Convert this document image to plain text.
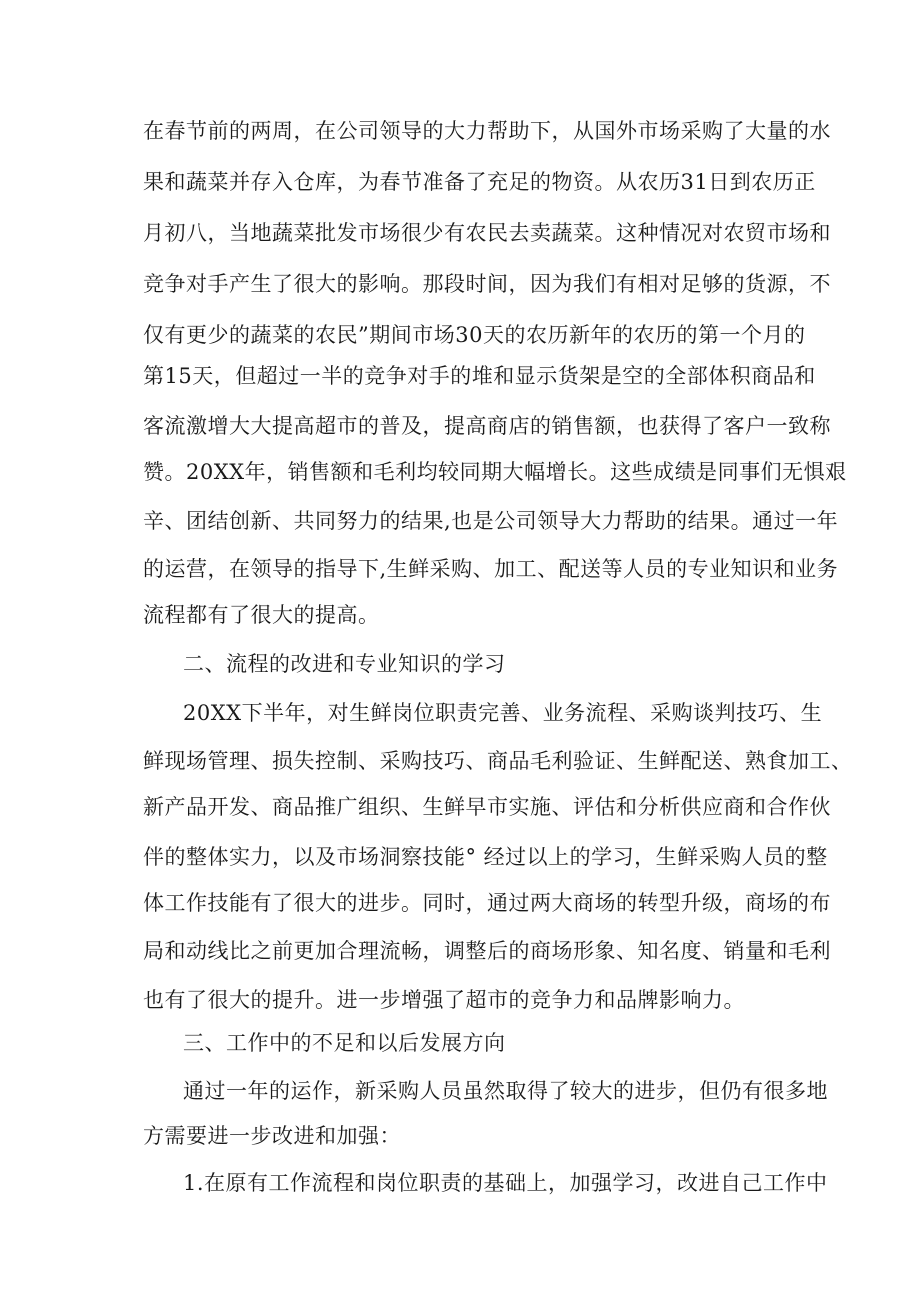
在春节前的两周，在公司领导的大力帮助下，从国外市场采购了大量的水
果和蔬菜并存入仓库，为春节准备了充足的物资。从农历31日到农历正
月初八，当地蔬菜批发市场很少有农民去卖蔬菜。这种情况对农贸市场和
竞争对手产生了很大的影响。那段时间，因为我们有相对足够的货源，不
仅有更少的蔬菜的农民”期间市场30天的农历新年的农历的第一个月的
第15天，但超过一半的竞争对手的堆和显示货架是空的全部体积商品和
客流激增大大提高超市的普及，提高商店的销售额，也获得了客户一致称
赞。20XX年，销售额和毛利均较同期大幅增长。这些成绩是同事们无惧艰
辛、团结创新、共同努力的结果,也是公司领导大力帮助的结果。通过一年
的运营，在领导的指导下,生鲜采购、加工、配送等人员的专业知识和业务
流程都有了很大的提高。
二、流程的改进和专业知识的学习
20XX下半年，对生鲜岗位职责完善、业务流程、采购谈判技巧、生
鲜现场管理、损失控制、采购技巧、商品毛利验证、生鲜配送、熟食加工、
新产品开发、商品推广组织、生鲜早市实施、评估和分析供应商和合作伙
伴的整体实力，以及市场洞察技能° 经过以上的学习，生鲜采购人员的整
体工作技能有了很大的进步。同时，通过两大商场的转型升级，商场的布
局和动线比之前更加合理流畅，调整后的商场形象、知名度、销量和毛利
也有了很大的提升。进一步增强了超市的竞争力和品牌影响力。
三、工作中的不足和以后发展方向
通过一年的运作，新采购人员虽然取得了较大的进步，但仍有很多地
方需要进一步改进和加强：
1.在原有工作流程和岗位职责的基础上，加强学习，改进自己工作中
